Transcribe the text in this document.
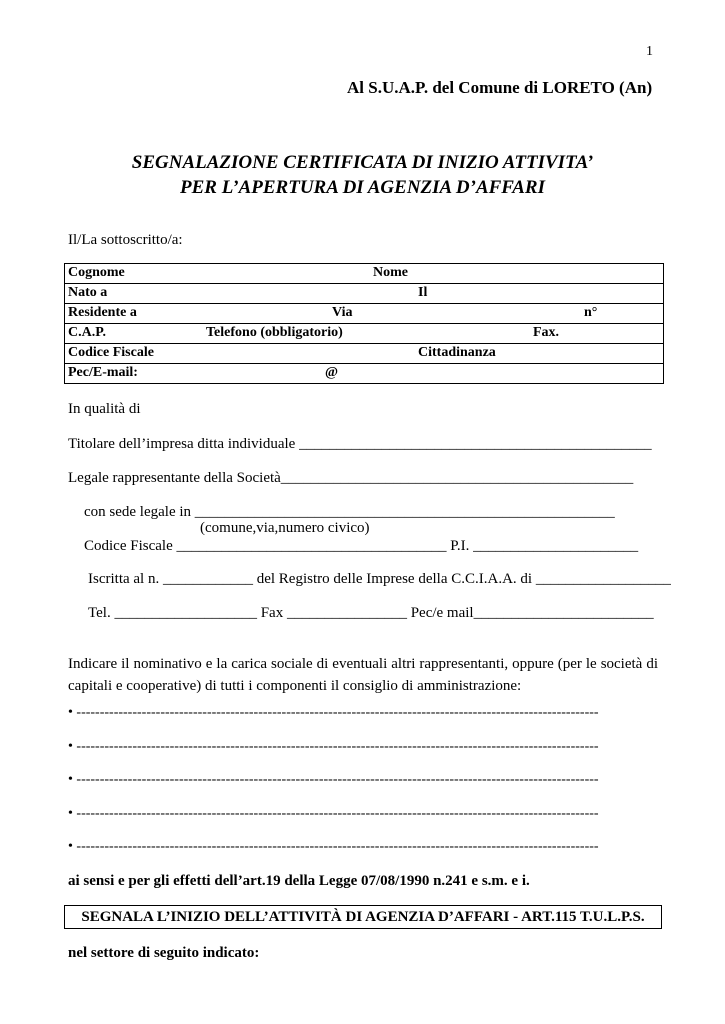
1
Al S.U.A.P. del Comune di LORETO (An)
SEGNALAZIONE CERTIFICATA DI INIZIO ATTIVITA’
PER L’APERTURA DI AGENZIA D’AFFARI
Il/La sottoscritto/a:
Cognome	Nome

Nato a	Il

Residente a	Via	n°

C.A.P.	Telefono (obbligatorio)	Fax.

Codice Fiscale	Cittadinanza

Pec/E-mail:	@
In qualità di
Titolare dell’impresa ditta individuale _______________________________________________
Legale rappresentante della Società_______________________________________________
con sede legale in ________________________________________________________
(comune,via,numero civico)
Codice Fiscale ____________________________________ P.I. ______________________
Iscritta al n. ____________ del Registro delle Imprese della C.C.I.A.A. di __________________
Tel. ___________________ Fax ________________ Pec/e mail________________________
Indicare il nominativo e la carica sociale di eventuali altri rappresentanti, oppure (per le società di capitali e cooperative) di tutti i componenti il consiglio di amministrazione:
• ----------------------------------------------------------------------------------------------------------------
• ----------------------------------------------------------------------------------------------------------------
• ----------------------------------------------------------------------------------------------------------------
• ----------------------------------------------------------------------------------------------------------------
• ----------------------------------------------------------------------------------------------------------------
ai sensi e per gli effetti dell’art.19 della Legge 07/08/1990 n.241 e s.m. e i.
SEGNALA L’INIZIO DELL’ATTIVITÀ DI AGENZIA D’AFFARI - ART.115 T.U.L.P.S.
nel settore di seguito indicato:
